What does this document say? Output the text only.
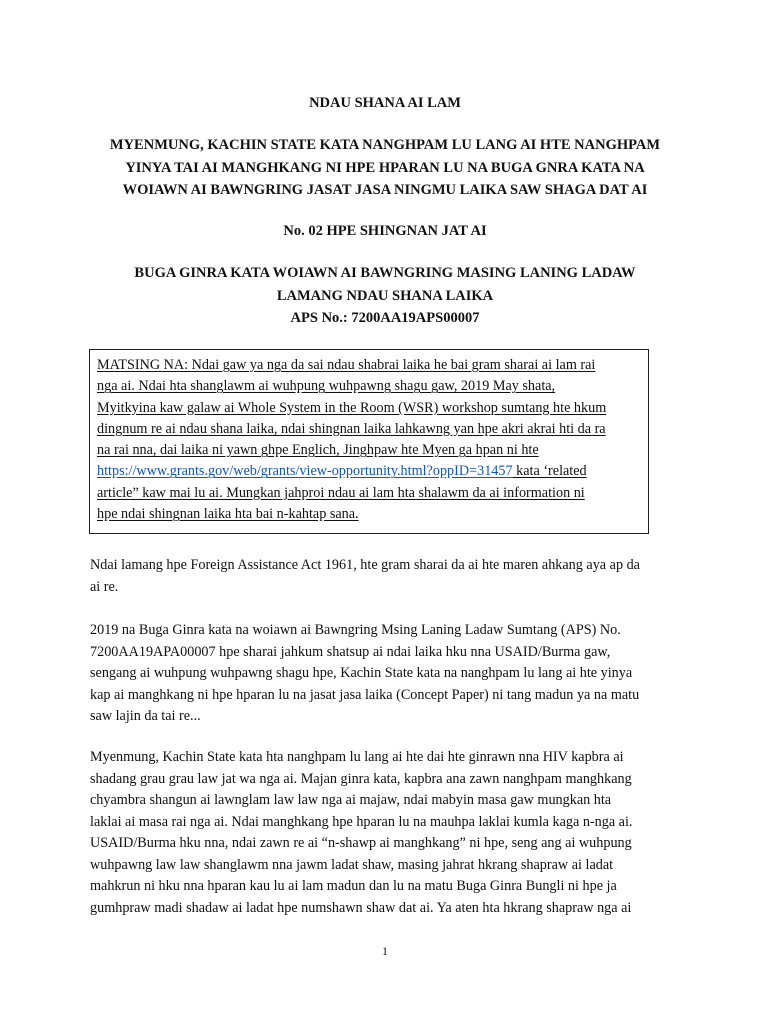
NDAU SHANA AI LAM
MYENMUNG, KACHIN STATE KATA NANGHPAM LU LANG AI HTE NANGHPAM
YINYA TAI AI MANGHKANG NI HPE HPARAN LU NA BUGA GNRA KATA NA
WOIAWN AI BAWNGRING JASAT JASA NINGMU LAIKA SAW SHAGA DAT AI
No. 02 HPE SHINGNAN JAT AI
BUGA GINRA KATA WOIAWN AI BAWNGRING MASING LANING LADAW
LAMANG NDAU SHANA LAIKA
APS No.: 7200AA19APS00007
MATSING NA: Ndai gaw ya nga da sai ndau shabrai laika he bai gram sharai ai lam rai
nga ai. Ndai hta shanglawm ai wuhpung wuhpawng shagu gaw, 2019 May shata,
Myitkyina kaw galaw ai Whole System in the Room (WSR) workshop sumtang hte hkum
dingnum re ai ndau shana laika, ndai shingnan laika lahkawng yan hpe akri akrai hti da ra
na rai nna, dai laika ni yawn ghpe Englich, Jinghpaw hte Myen ga hpan ni hte
https://www.grants.gov/web/grants/view-opportunity.html?oppID=31457 kata ‘related
article” kaw mai lu ai. Mungkan jahproi ndau ai lam hta shalawm da ai information ni
hpe ndai shingnan laika hta bai n-kahtap sana.
Ndai lamang hpe Foreign Assistance Act 1961, hte gram sharai da ai hte maren ahkang aya ap da
ai re.
2019 na Buga Ginra kata na woiawn ai Bawngring Msing Laning Ladaw Sumtang (APS) No.
7200AA19APA00007 hpe sharai jahkum shatsup ai ndai laika hku nna USAID/Burma gaw,
sengang ai wuhpung wuhpawng shagu hpe, Kachin State kata na nanghpam lu lang ai hte yinya
kap ai manghkang ni hpe hparan lu na jasat jasa laika (Concept Paper) ni tang madun ya na matu
saw lajin da tai re...
Myenmung, Kachin State kata hta nanghpam lu lang ai hte dai hte ginrawn nna HIV kapbra ai
shadang grau grau law jat wa nga ai. Majan ginra kata, kapbra ana zawn nanghpam manghkang
chyambra shangun ai lawnglam law law nga ai majaw, ndai mabyin masa gaw mungkan hta
laklai ai masa rai nga ai. Ndai manghkang hpe hparan lu na mauhpa laklai kumla kaga n-nga ai.
USAID/Burma hku nna, ndai zawn re ai “n-shawp ai manghkang” ni hpe, seng ang ai wuhpung
wuhpawng law law shanglawm nna jawm ladat shaw, masing jahrat hkrang shapraw ai ladat
mahkrun ni hku nna hparan kau lu ai lam madun dan lu na matu Buga Ginra Bungli ni hpe ja
gumhpraw madi shadaw ai ladat hpe numshawn shaw dat ai. Ya aten hta hkrang shapraw nga ai
1
